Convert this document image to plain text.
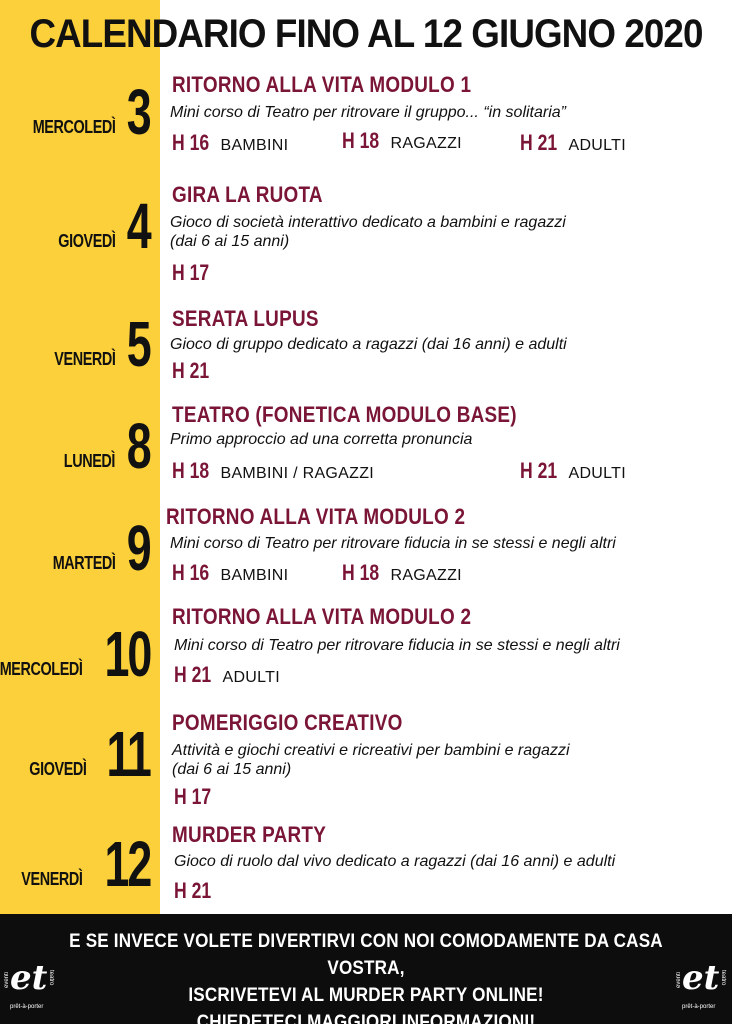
CALENDARIO FINO AL 12 GIUGNO 2020
MERCOLEDÌ 3 RITORNO ALLA VITA MODULO 1
Mini corso di Teatro per ritrovare il gruppo... “in solitaria”
H 16 BAMBINI H 18 RAGAZZI	H 21 ADULTI
GIOVEDÌ 4 GIRA LA RUOTA
Gioco di società interattivo dedicato a bambini e ragazzi
(dai 6 ai 15 anni)
H 17
VENERDÌ 5 SERATA LUPUS
Gioco di gruppo dedicato a ragazzi (dai 16 anni) e adulti
H 21
LUNEDÌ 8 TEATRO (FONETICA MODULO BASE)
Primo approccio ad una corretta pronuncia
H 18 BAMBINI / RAGAZZI	H 21 ADULTI
MARTEDÌ 9 RITORNO ALLA VITA MODULO 2
Mini corso di Teatro per ritrovare fiducia in se stessi e negli altri
H 16 BAMBINI H 18 RAGAZZI
MERCOLEDÌ 10
RITORNO ALLA VITA MODULO 2
Mini corso di Teatro per ritrovare fiducia in se stessi e negli altri
H 21 ADULTI
GIOVEDÌ 11 POMERIGGIO CREATIVO
Attività e giochi creativi e ricreativi per bambini e ragazzi
(dai 6 ai 15 anni)
H 17
VENERDÌ 12 MURDER PARTY
Gioco di ruolo dal vivo dedicato a ragazzi (dai 16 anni) e adulti
H 21
E SE INVECE VOLETE DIVERTIRVI CON NOI COMODAMENTE DA CASA VOSTRA,
ISCRIVETEVI AL MURDER PARTY ONLINE!
CHIEDETECI MAGGIORI INFORMAZIONI!
et
eventi	teatro
prêt-à-porter
et
eventi	teatro
prêt-à-porter
